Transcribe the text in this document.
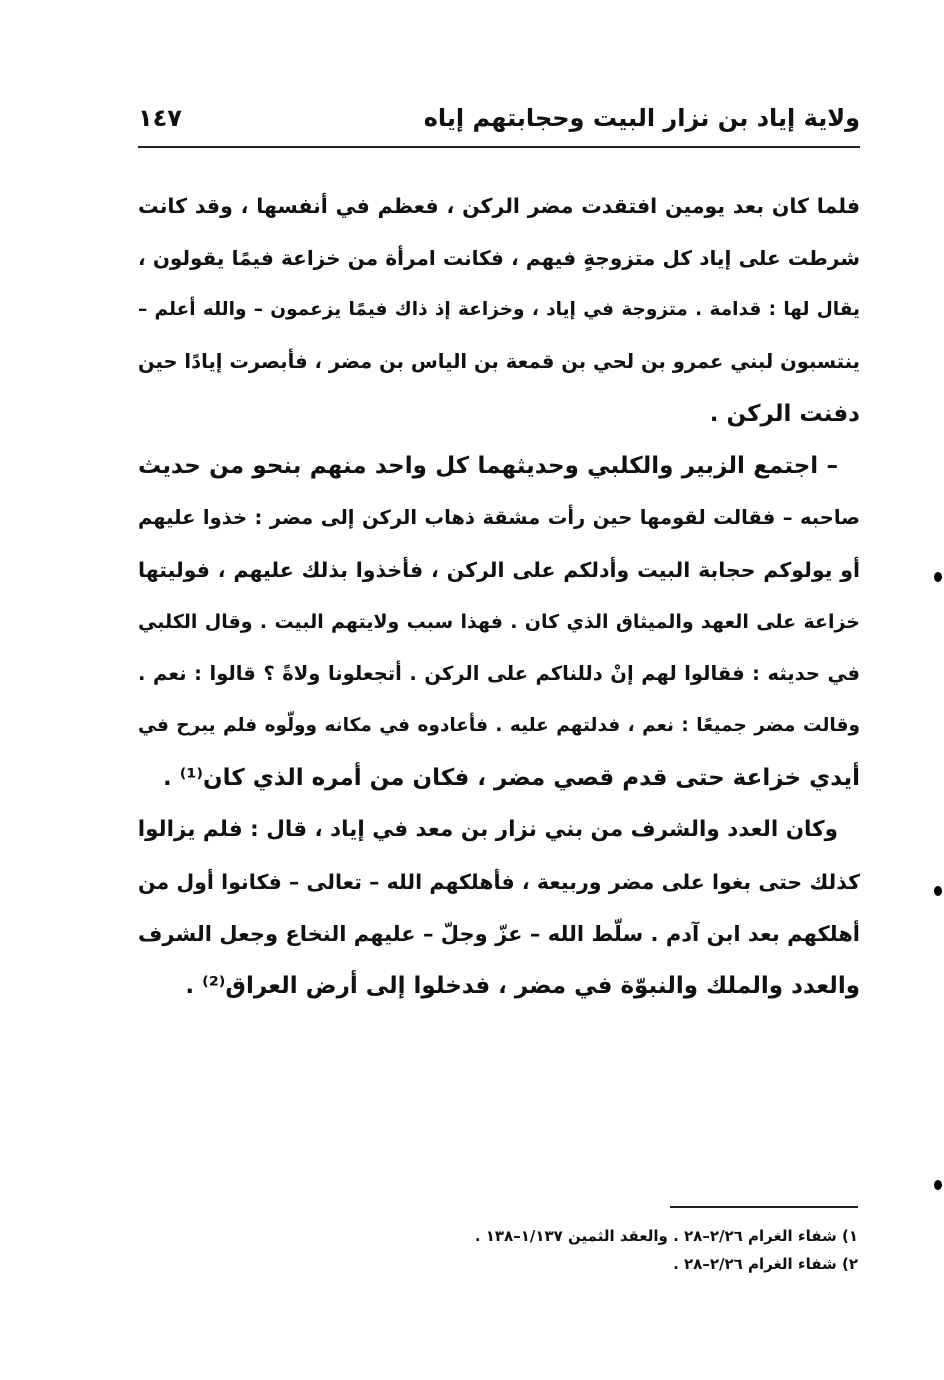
ولاية إياد بن نزار البيت وحجابتهم إياه
١٤٧

فلما كان بعد يومين افتقدت مضر الركن ، فعظم في أنفسها ، وقد كانت
شرطت على إياد كل متزوجةٍ فيهم ، فكانت امرأة من خزاعة فيمًا يقولون ،
يقال لها : قدامة . متزوجة في إياد ، وخزاعة إذ ذاك فيمًا يزعمون – والله أعلم –
ينتسبون لبني عمرو بن لحي بن قمعة بن الياس بن مضر ، فأبصرت إيادًا حين
دفنت الركن .

– اجتمع الزبير والكلبي وحديثهما كل واحد منهم بنحو من حديث
صاحبه – فقالت لقومها حين رأت مشقة ذهاب الركن إلى مضر : خذوا عليهم
أو يولوكم حجابة البيت وأدلكم على الركن ، فأخذوا بذلك عليهم ، فوليتها
خزاعة على العهد والميثاق الذي كان . فهذا سبب ولايتهم البيت . وقال الكلبي
في حديثه : فقالوا لهم إنْ دللناكم على الركن . أتجعلونا ولاةً ؟ قالوا : نعم .
وقالت مضر جميعًا : نعم ، فدلتهم عليه . فأعادوه في مكانه وولّوه فلم يبرح في
أيدي خزاعة حتى قدم قصي مضر ، فكان من أمره الذي كان⁽¹⁾ .

وكان العدد والشرف من بني نزار بن معد في إياد ، قال : فلم يزالوا
كذلك حتى بغوا على مضر وربيعة ، فأهلكهم الله – تعالى – فكانوا أول من
أهلكهم بعد ابن آدم . سلّط الله – عزّ وجلّ – عليهم النخاع وجعل الشرف
والعدد والملك والنبوّة في مضر ، فدخلوا إلى أرض العراق⁽²⁾ .

١) شفاء الغرام ٢/٢٦–٢٨ . والعقد الثمين ١/١٣٧–١٣٨ .
٢) شفاء الغرام ٢/٢٦–٢٨ .
